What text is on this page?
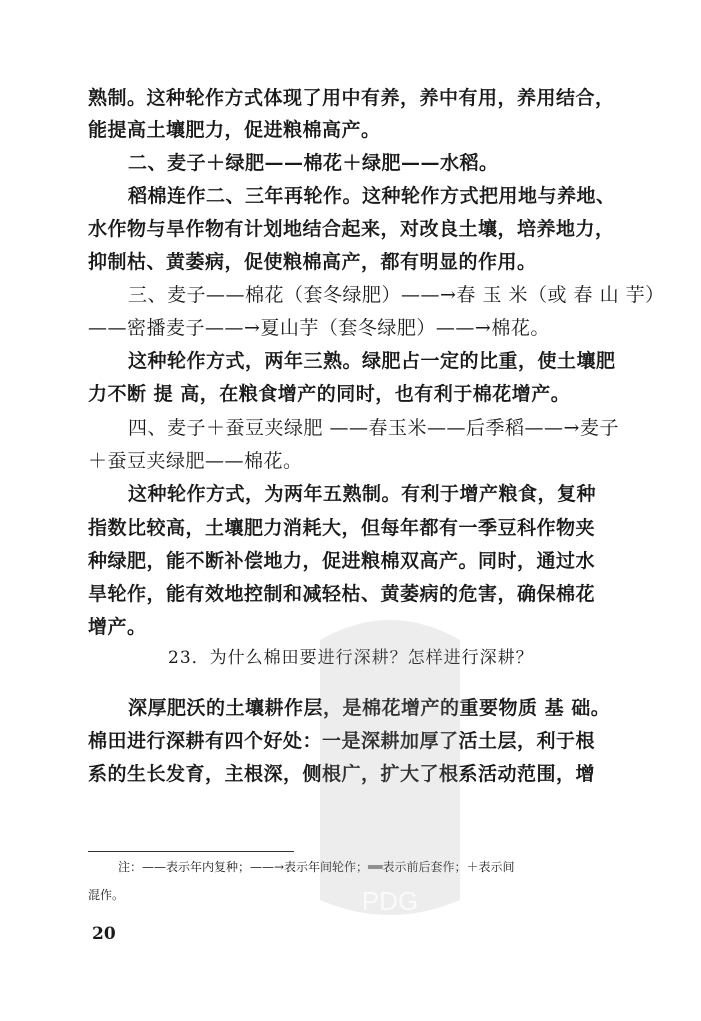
熟制。这种轮作方式体现了用中有养，养中有用，养用结合，
能提高土壤肥力，促进粮棉高产。
二、麦子＋绿肥——棉花＋绿肥——水稻。
稻棉连作二、三年再轮作。这种轮作方式把用地与养地、
水作物与旱作物有计划地结合起来，对改良土壤，培养地力，
抑制枯、黄萎病，促使粮棉高产，都有明显的作用。
三、麦子——棉花（套冬绿肥）——→春 玉 米（或 春 山 芋）
——密播麦子——→夏山芋（套冬绿肥）——→棉花。
这种轮作方式，两年三熟。绿肥占一定的比重，使土壤肥
力不断 提 高，在粮食增产的同时，也有利于棉花增产。
四、麦子＋蚕豆夹绿肥 ——春玉米——后季稻——→麦子
＋蚕豆夹绿肥——棉花。
这种轮作方式，为两年五熟制。有利于增产粮食，复种
指数比较高，土壤肥力消耗大，但每年都有一季豆科作物夹
种绿肥，能不断补偿地力，促进粮棉双高产。同时，通过水
旱轮作，能有效地控制和减轻枯、黄萎病的危害，确保棉花
增产。
23．为什么棉田要进行深耕？怎样进行深耕？
深厚肥沃的土壤耕作层，是棉花增产的重要物质 基 础。
棉田进行深耕有四个好处：一是深耕加厚了活土层，利于根
系的生长发育，主根深，侧根广，扩大了根系活动范围，增
注：——表示年内复种；——→表示年间轮作；══表示前后套作；＋表示间
混作。
20
PDG
